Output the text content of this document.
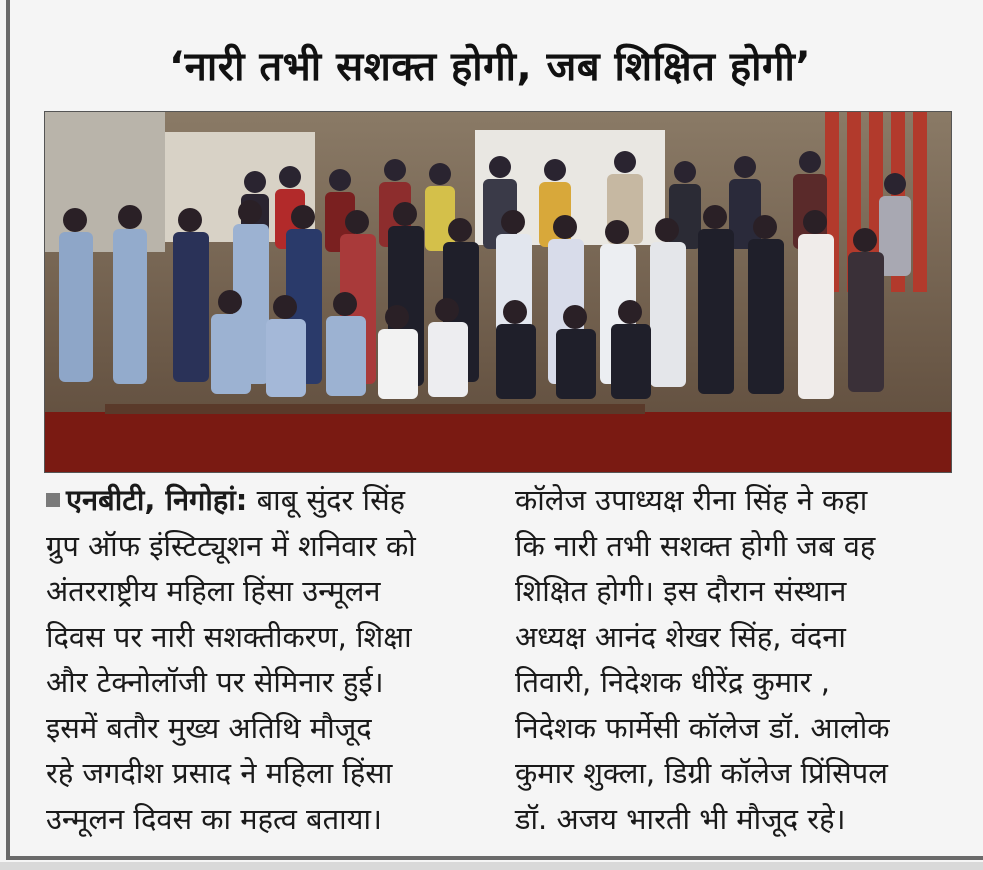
‘नारी तभी सशक्त होगी, जब शिक्षित होगी’
एनबीटी, निगोहां: बाबू सुंदर सिंह
ग्रुप ऑफ इंस्टिट्यूशन में शनिवार को
अंतरराष्ट्रीय महिला हिंसा उन्मूलन
दिवस पर नारी सशक्तीकरण, शिक्षा
और टेक्नोलॉजी पर सेमिनार हुई।
इसमें बतौर मुख्य अतिथि मौजूद
रहे जगदीश प्रसाद ने महिला हिंसा
उन्मूलन दिवस का महत्व बताया।
कॉलेज उपाध्यक्ष रीना सिंह ने कहा
कि नारी तभी सशक्त होगी जब वह
शिक्षित होगी। इस दौरान संस्थान
अध्यक्ष आनंद शेखर सिंह, वंदना
तिवारी, निदेशक धीरेंद्र कुमार ,
निदेशक फार्मेसी कॉलेज डॉ. आलोक
कुमार शुक्ला, डिग्री कॉलेज प्रिंसिपल
डॉ. अजय भारती भी मौजूद रहे।
